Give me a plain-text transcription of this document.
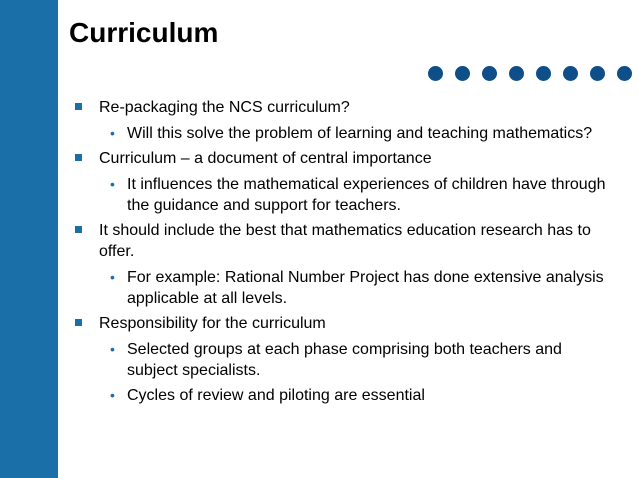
Curriculum
Re-packaging the NCS curriculum?
• Will this solve the problem of learning and teaching mathematics?
Curriculum – a document of central importance
• It influences the mathematical experiences of children have through the guidance and support for teachers.
It should include the best that mathematics education research has to offer.
• For example: Rational Number Project has done extensive analysis applicable at all levels.
Responsibility for the curriculum
• Selected groups at each phase comprising both teachers and subject specialists.
• Cycles of review and piloting are essential
